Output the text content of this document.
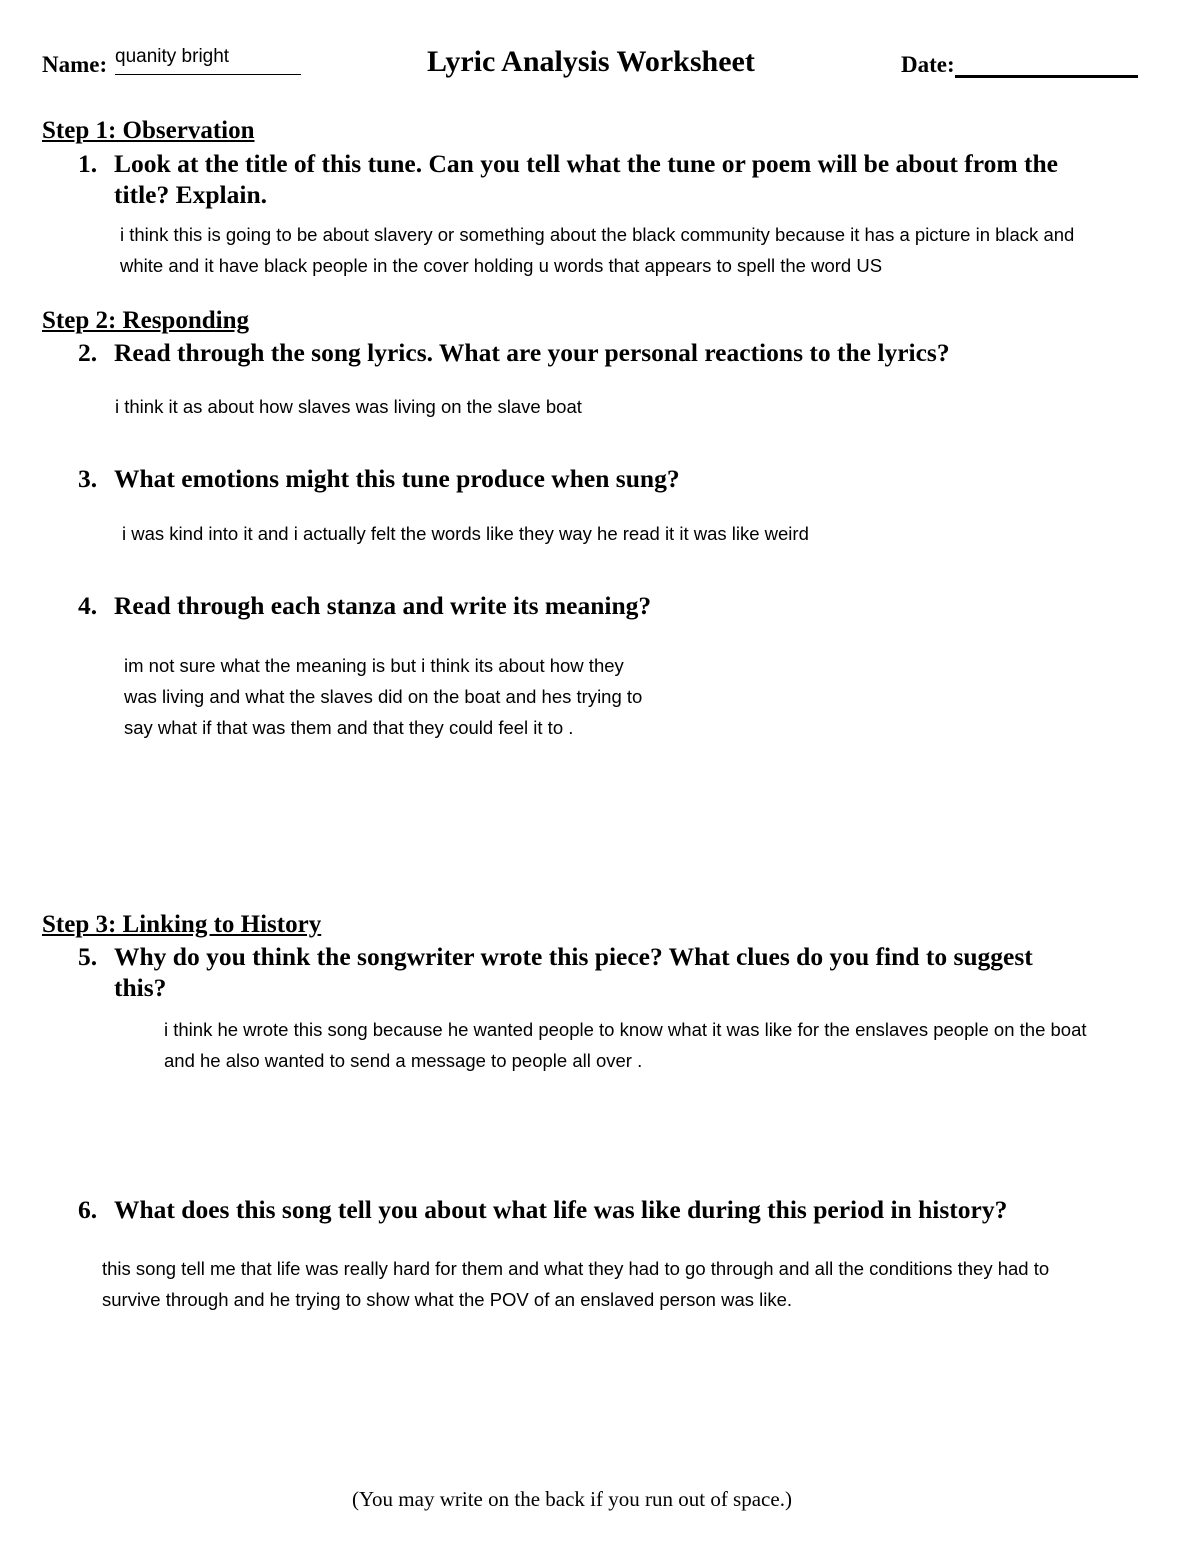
Name: quanity bright	Lyric Analysis Worksheet	Date:
Step 1: Observation
1. Look at the title of this tune. Can you tell what the tune or poem will be about from the
title? Explain.
i think this is going to be about slavery or something about the black community because it has a picture in black and
white and it have black people in the cover holding u words that appears to spell the word US
Step 2: Responding
2. Read through the song lyrics. What are your personal reactions to the lyrics?
i think it as about how slaves was living on the slave boat
3. What emotions might this tune produce when sung?
i was kind into it and i actually felt the words like they way he read it it was like weird
4. Read through each stanza and write its meaning?
im not sure what the meaning is but i think its about how they
was living and what the slaves did on the boat and hes trying to
say what if that was them and that they could feel it to .
Step 3: Linking to History
5. Why do you think the songwriter wrote this piece? What clues do you find to suggest
this?
i think he wrote this song because he wanted people to know what it was like for the enslaves people on the boat
and he also wanted to send a message to people all over .
6. What does this song tell you about what life was like during this period in history?
this song tell me that life was really hard for them and what they had to go through and all the conditions they had to
survive through and he trying to show what the POV of an enslaved person was like.
(You may write on the back if you run out of space.)
